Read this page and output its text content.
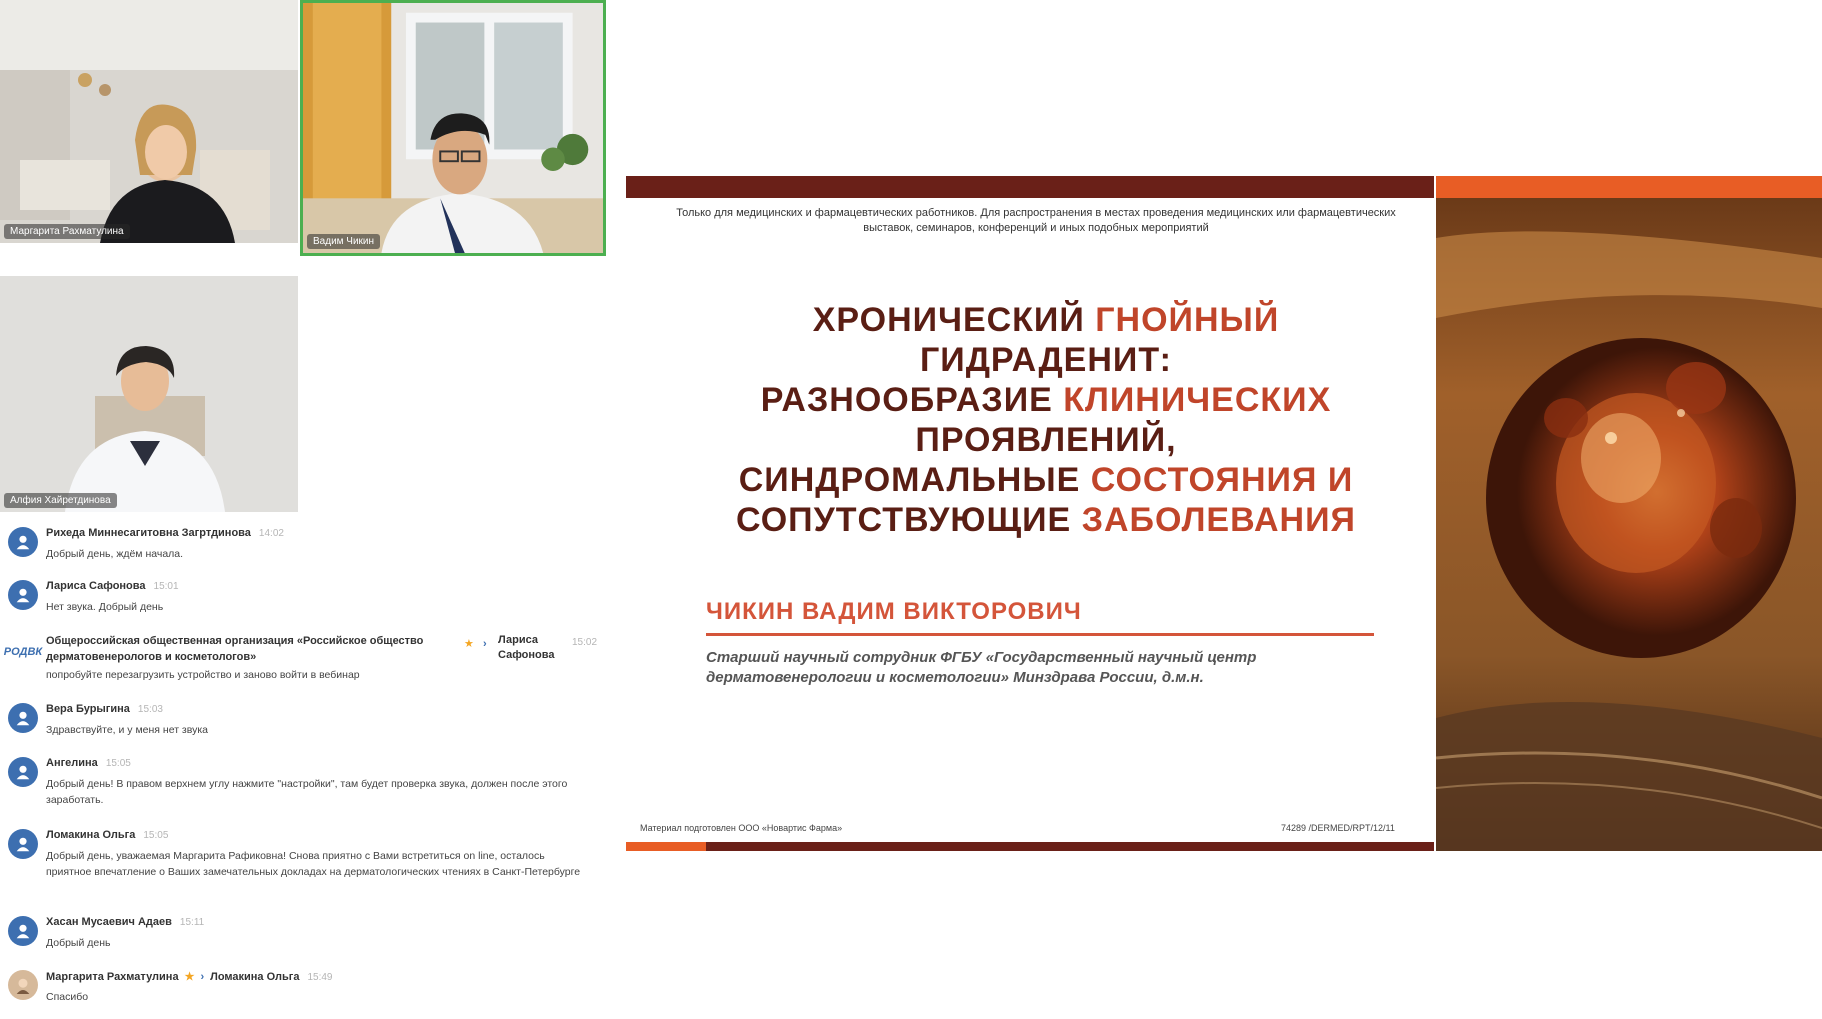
Маргарита Рахматулина
Вадим Чикин
Алфия Хайретдинова
Рихеда Миннесагитовна Загртдинова 14:02
Добрый день, ждём начала.
Лариса Сафонова 15:01
Нет звука. Добрый день
РОДВК
Общероссийская общественная организация «Российское общество дерматовенерологов и косметологов»
★ ›	Лариса Сафонова
15:02
попробуйте перезагрузить устройство и заново войти в вебинар
Вера Бурыгина 15:03
Здравствуйте, и у меня нет звука
Ангелина 15:05
Добрый день! В правом верхнем углу нажмите "настройки", там будет проверка звука, должен после этого заработать.
Ломакина Ольга 15:05
Добрый день, уважаемая Маргарита Рафиковна! Снова приятно с Вами встретиться on line, осталось приятное впечатление о Ваших замечательных докладах на дерматологических чтениях в Санкт-Петербурге
Хасан Мусаевич Адаев 15:11
Добрый день
Маргарита Рахматулина ★ › Ломакина Ольга 15:49
Спасибо
Только для медицинских и фармацевтических работников. Для распространения в местах проведения медицинских или фармацевтических выставок, семинаров, конференций и иных подобных мероприятий
ХРОНИЧЕСКИЙ ГНОЙНЫЙ
ГИДРАДЕНИТ:
РАЗНООБРАЗИЕ КЛИНИЧЕСКИХ
ПРОЯВЛЕНИЙ,
СИНДРОМАЛЬНЫЕ СОСТОЯНИЯ И
СОПУТСТВУЮЩИЕ ЗАБОЛЕВАНИЯ
ЧИКИН ВАДИМ ВИКТОРОВИЧ
Старший научный сотрудник ФГБУ «Государственный научный центр дерматовенерологии и косметологии» Минздрава России, д.м.н.
Материал подготовлен ООО «Новартис Фарма»	74289 /DERMED/RPT/12/11
